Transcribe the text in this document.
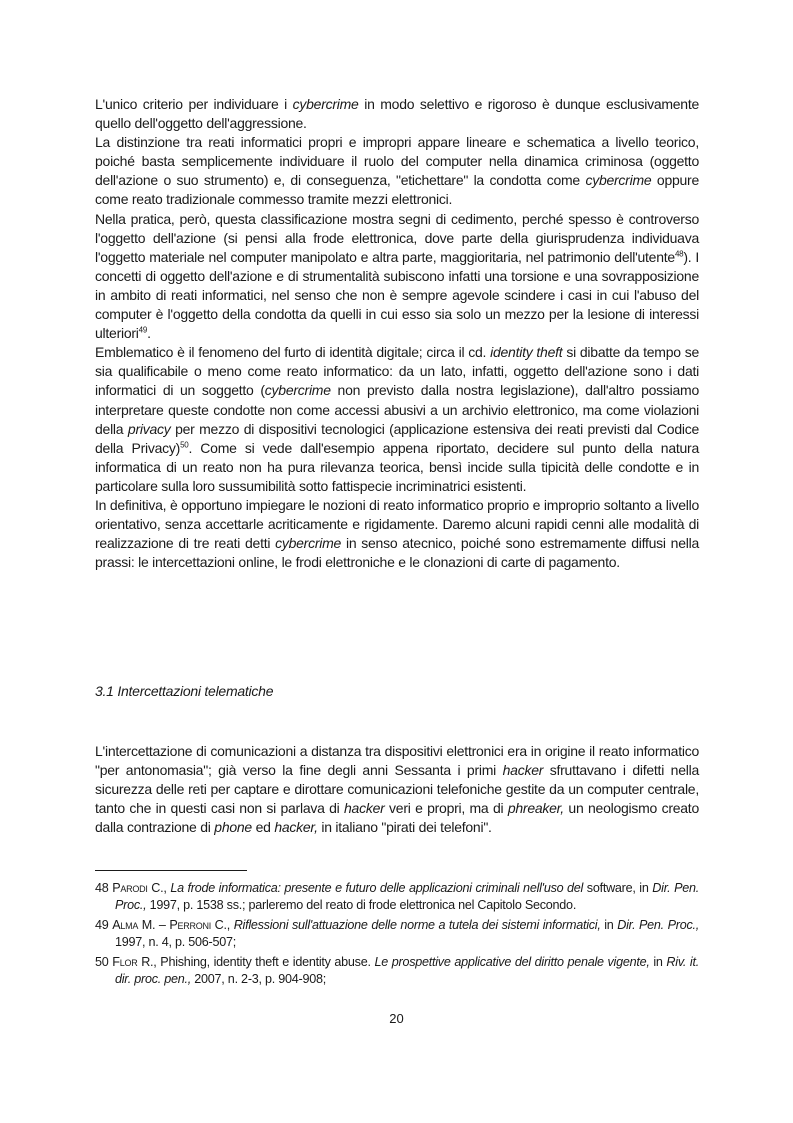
L'unico criterio per individuare i cybercrime in modo selettivo e rigoroso è dunque esclusivamente quello dell'oggetto dell'aggressione.

La distinzione tra reati informatici propri e impropri appare lineare e schematica a livello teorico, poiché basta semplicemente individuare il ruolo del computer nella dinamica criminosa (oggetto dell'azione o suo strumento) e, di conseguenza, "etichettare" la condotta come cybercrime oppure come reato tradizionale commesso tramite mezzi elettronici.

Nella pratica, però, questa classificazione mostra segni di cedimento, perché spesso è controverso l'oggetto dell'azione (si pensi alla frode elettronica, dove parte della giurisprudenza individuava l'oggetto materiale nel computer manipolato e altra parte, maggioritaria, nel patrimonio dell'utente$^{48}$). I concetti di oggetto dell'azione e di strumentalità subiscono infatti una torsione e una sovrapposizione in ambito di reati informatici, nel senso che non è sempre agevole scindere i casi in cui l'abuso del computer è l'oggetto della condotta da quelli in cui esso sia solo un mezzo per la lesione di interessi ulteriori$^{49}$.

Emblematico è il fenomeno del furto di identità digitale; circa il cd. identity theft si dibatte da tempo se sia qualificabile o meno come reato informatico: da un lato, infatti, oggetto dell'azione sono i dati informatici di un soggetto (cybercrime non previsto dalla nostra legislazione), dall'altro possiamo interpretare queste condotte non come accessi abusivi a un archivio elettronico, ma come violazioni della privacy per mezzo di dispositivi tecnologici (applicazione estensiva dei reati previsti dal Codice della Privacy)$^{50}$. Come si vede dall'esempio appena riportato, decidere sul punto della natura informatica di un reato non ha pura rilevanza teorica, bensì incide sulla tipicità delle condotte e in particolare sulla loro sussumibilità sotto fattispecie incriminatrici esistenti.

In definitiva, è opportuno impiegare le nozioni di reato informatico proprio e improprio soltanto a livello orientativo, senza accettarle acriticamente e rigidamente. Daremo alcuni rapidi cenni alle modalità di realizzazione di tre reati detti cybercrime in senso atecnico, poiché sono estremamente diffusi nella prassi: le intercettazioni online, le frodi elettroniche e le clonazioni di carte di pagamento.

3.1 Intercettazioni telematiche

L'intercettazione di comunicazioni a distanza tra dispositivi elettronici era in origine il reato informatico "per antonomasia"; già verso la fine degli anni Sessanta i primi hacker sfruttavano i difetti nella sicurezza delle reti per captare e dirottare comunicazioni telefoniche gestite da un computer centrale, tanto che in questi casi non si parlava di hacker veri e propri, ma di phreaker, un neologismo creato dalla contrazione di phone ed hacker, in italiano "pirati dei telefoni".

48 Parodi C., La frode informatica: presente e futuro delle applicazioni criminali nell'uso del software, in Dir. Pen. Proc., 1997, p. 1538 ss.; parleremo del reato di frode elettronica nel Capitolo Secondo.

49 Alma M. – Perroni C., Riflessioni sull'attuazione delle norme a tutela dei sistemi informatici, in Dir. Pen. Proc., 1997, n. 4, p. 506-507;

50 Flor R., Phishing, identity theft e identity abuse. Le prospettive applicative del diritto penale vigente, in Riv. it. dir. proc. pen., 2007, n. 2-3, p. 904-908;

20
